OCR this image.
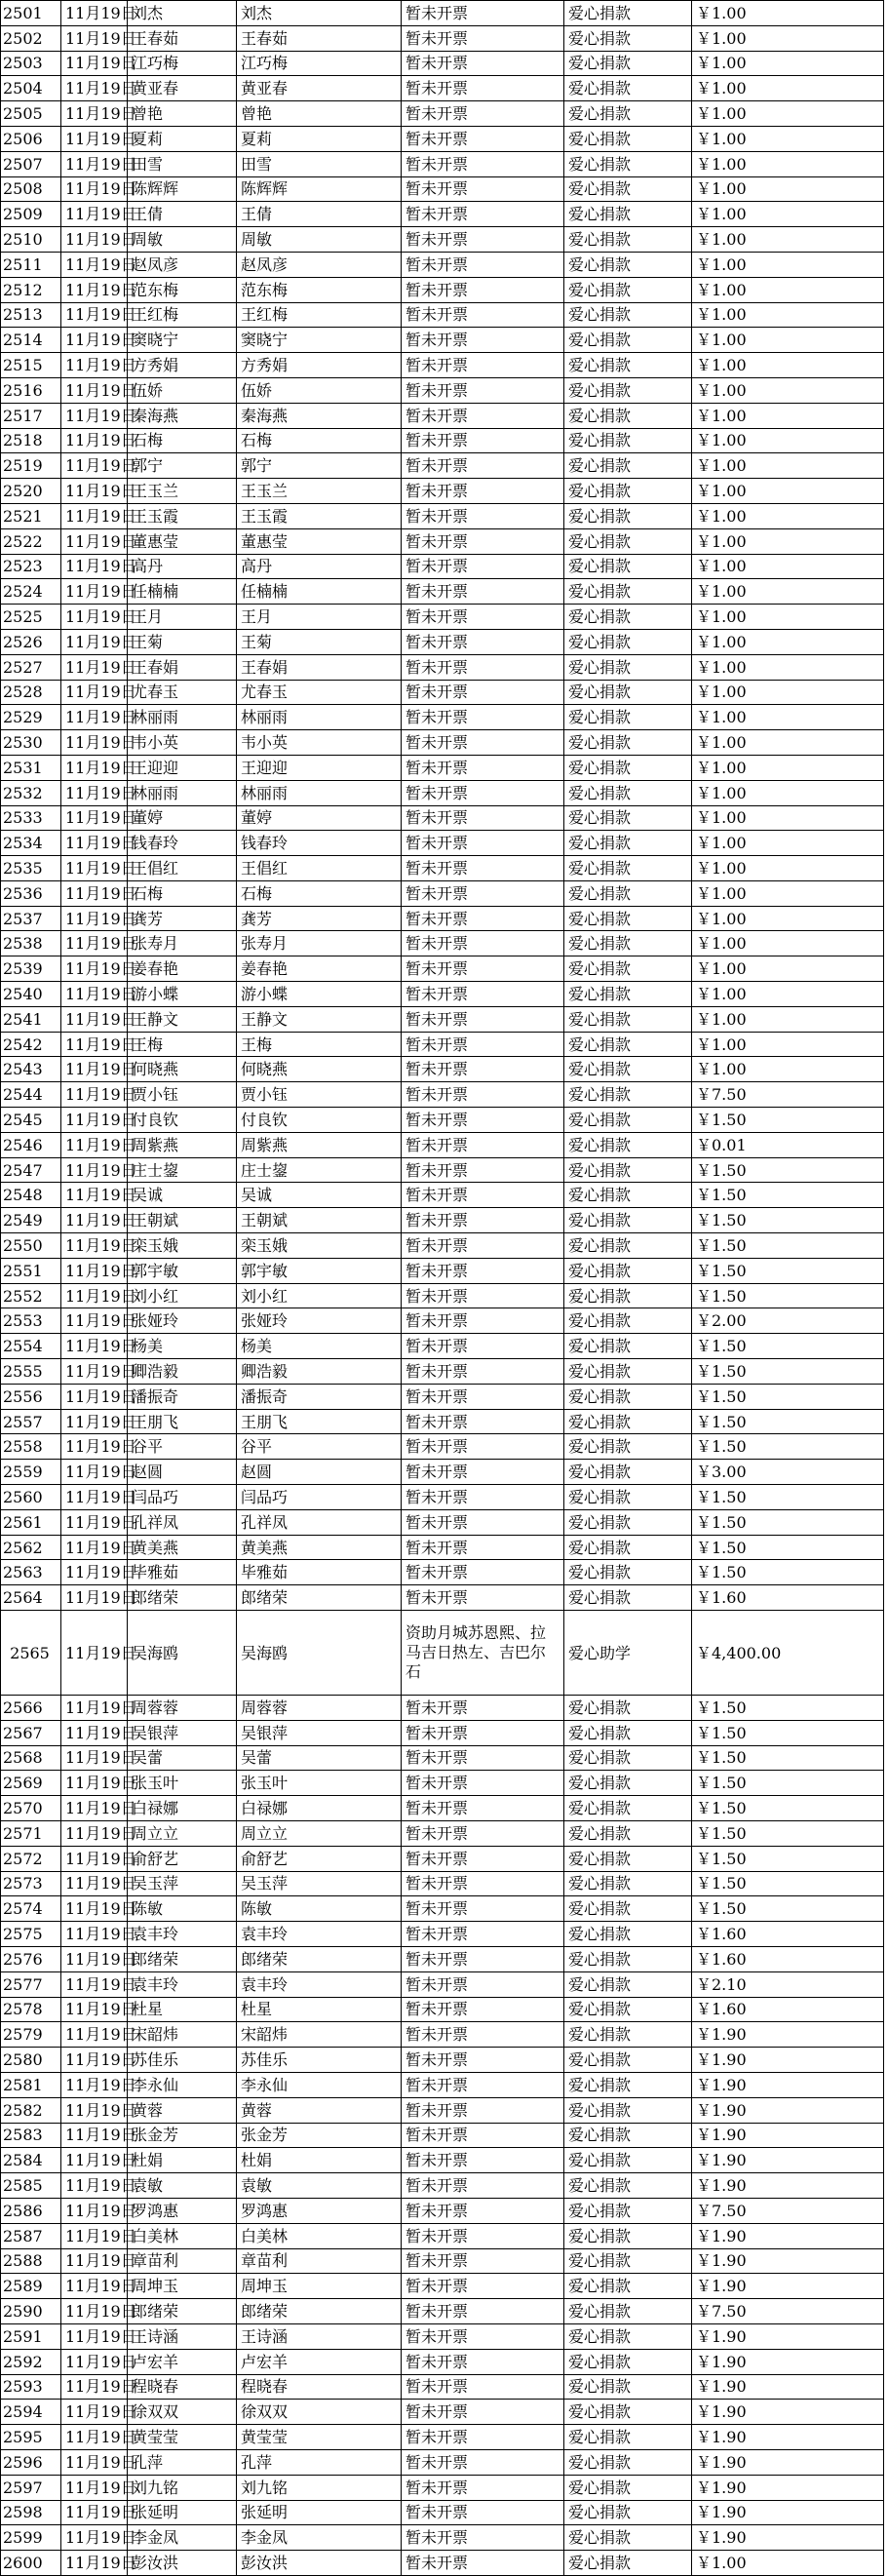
2501	11月19日	刘杰	刘杰	暂未开票	爱心捐款	￥1.00
2502	11月19日	王春茹	王春茹	暂未开票	爱心捐款	￥1.00
2503	11月19日	江巧梅	江巧梅	暂未开票	爱心捐款	￥1.00
2504	11月19日	黄亚春	黄亚春	暂未开票	爱心捐款	￥1.00
2505	11月19日	曾艳	曾艳	暂未开票	爱心捐款	￥1.00
2506	11月19日	夏莉	夏莉	暂未开票	爱心捐款	￥1.00
2507	11月19日	田雪	田雪	暂未开票	爱心捐款	￥1.00
2508	11月19日	陈辉辉	陈辉辉	暂未开票	爱心捐款	￥1.00
2509	11月19日	王倩	王倩	暂未开票	爱心捐款	￥1.00
2510	11月19日	周敏	周敏	暂未开票	爱心捐款	￥1.00
2511	11月19日	赵凤彦	赵凤彦	暂未开票	爱心捐款	￥1.00
2512	11月19日	范东梅	范东梅	暂未开票	爱心捐款	￥1.00
2513	11月19日	王红梅	王红梅	暂未开票	爱心捐款	￥1.00
2514	11月19日	窦晓宁	窦晓宁	暂未开票	爱心捐款	￥1.00
2515	11月19日	方秀娟	方秀娟	暂未开票	爱心捐款	￥1.00
2516	11月19日	伍娇	伍娇	暂未开票	爱心捐款	￥1.00
2517	11月19日	秦海燕	秦海燕	暂未开票	爱心捐款	￥1.00
2518	11月19日	石梅	石梅	暂未开票	爱心捐款	￥1.00
2519	11月19日	郭宁	郭宁	暂未开票	爱心捐款	￥1.00
2520	11月19日	王玉兰	王玉兰	暂未开票	爱心捐款	￥1.00
2521	11月19日	王玉霞	王玉霞	暂未开票	爱心捐款	￥1.00
2522	11月19日	董惠莹	董惠莹	暂未开票	爱心捐款	￥1.00
2523	11月19日	高丹	高丹	暂未开票	爱心捐款	￥1.00
2524	11月19日	任楠楠	任楠楠	暂未开票	爱心捐款	￥1.00
2525	11月19日	王月	王月	暂未开票	爱心捐款	￥1.00
2526	11月19日	王菊	王菊	暂未开票	爱心捐款	￥1.00
2527	11月19日	王春娟	王春娟	暂未开票	爱心捐款	￥1.00
2528	11月19日	尤春玉	尤春玉	暂未开票	爱心捐款	￥1.00
2529	11月19日	林丽雨	林丽雨	暂未开票	爱心捐款	￥1.00
2530	11月19日	韦小英	韦小英	暂未开票	爱心捐款	￥1.00
2531	11月19日	王迎迎	王迎迎	暂未开票	爱心捐款	￥1.00
2532	11月19日	林丽雨	林丽雨	暂未开票	爱心捐款	￥1.00
2533	11月19日	董婷	董婷	暂未开票	爱心捐款	￥1.00
2534	11月19日	钱春玲	钱春玲	暂未开票	爱心捐款	￥1.00
2535	11月19日	王倡红	王倡红	暂未开票	爱心捐款	￥1.00
2536	11月19日	石梅	石梅	暂未开票	爱心捐款	￥1.00
2537	11月19日	龚芳	龚芳	暂未开票	爱心捐款	￥1.00
2538	11月19日	张寿月	张寿月	暂未开票	爱心捐款	￥1.00
2539	11月19日	姜春艳	姜春艳	暂未开票	爱心捐款	￥1.00
2540	11月19日	游小蝶	游小蝶	暂未开票	爱心捐款	￥1.00
2541	11月19日	王静文	王静文	暂未开票	爱心捐款	￥1.00
2542	11月19日	王梅	王梅	暂未开票	爱心捐款	￥1.00
2543	11月19日	何晓燕	何晓燕	暂未开票	爱心捐款	￥1.00
2544	11月19日	贾小钰	贾小钰	暂未开票	爱心捐款	￥7.50
2545	11月19日	付良钦	付良钦	暂未开票	爱心捐款	￥1.50
2546	11月19日	周紫燕	周紫燕	暂未开票	爱心捐款	￥0.01
2547	11月19日	庄士鋆	庄士鋆	暂未开票	爱心捐款	￥1.50
2548	11月19日	吴诚	吴诚	暂未开票	爱心捐款	￥1.50
2549	11月19日	王朝斌	王朝斌	暂未开票	爱心捐款	￥1.50
2550	11月19日	栾玉娥	栾玉娥	暂未开票	爱心捐款	￥1.50
2551	11月19日	郭宇敏	郭宇敏	暂未开票	爱心捐款	￥1.50
2552	11月19日	刘小红	刘小红	暂未开票	爱心捐款	￥1.50
2553	11月19日	张娅玲	张娅玲	暂未开票	爱心捐款	￥2.00
2554	11月19日	杨美	杨美	暂未开票	爱心捐款	￥1.50
2555	11月19日	卿浩毅	卿浩毅	暂未开票	爱心捐款	￥1.50
2556	11月19日	潘振奇	潘振奇	暂未开票	爱心捐款	￥1.50
2557	11月19日	王朋飞	王朋飞	暂未开票	爱心捐款	￥1.50
2558	11月19日	谷平	谷平	暂未开票	爱心捐款	￥1.50
2559	11月19日	赵圆	赵圆	暂未开票	爱心捐款	￥3.00
2560	11月19日	闫品巧	闫品巧	暂未开票	爱心捐款	￥1.50
2561	11月19日	孔祥凤	孔祥凤	暂未开票	爱心捐款	￥1.50
2562	11月19日	黄美燕	黄美燕	暂未开票	爱心捐款	￥1.50
2563	11月19日	毕雅茹	毕雅茹	暂未开票	爱心捐款	￥1.50
2564	11月19日	郎绪荣	郎绪荣	暂未开票	爱心捐款	￥1.60
2565	11月19日	吴海鸥	吴海鸥	资助月城苏恩熙、拉马吉日热左、吉巴尔石	爱心助学	￥4,400.00
2566	11月19日	周蓉蓉	周蓉蓉	暂未开票	爱心捐款	￥1.50
2567	11月19日	吴银萍	吴银萍	暂未开票	爱心捐款	￥1.50
2568	11月19日	吴蕾	吴蕾	暂未开票	爱心捐款	￥1.50
2569	11月19日	张玉叶	张玉叶	暂未开票	爱心捐款	￥1.50
2570	11月19日	白禄娜	白禄娜	暂未开票	爱心捐款	￥1.50
2571	11月19日	周立立	周立立	暂未开票	爱心捐款	￥1.50
2572	11月19日	俞舒艺	俞舒艺	暂未开票	爱心捐款	￥1.50
2573	11月19日	吴玉萍	吴玉萍	暂未开票	爱心捐款	￥1.50
2574	11月19日	陈敏	陈敏	暂未开票	爱心捐款	￥1.50
2575	11月19日	袁丰玲	袁丰玲	暂未开票	爱心捐款	￥1.60
2576	11月19日	郎绪荣	郎绪荣	暂未开票	爱心捐款	￥1.60
2577	11月19日	袁丰玲	袁丰玲	暂未开票	爱心捐款	￥2.10
2578	11月19日	杜星	杜星	暂未开票	爱心捐款	￥1.60
2579	11月19日	宋韶炜	宋韶炜	暂未开票	爱心捐款	￥1.90
2580	11月19日	苏佳乐	苏佳乐	暂未开票	爱心捐款	￥1.90
2581	11月19日	李永仙	李永仙	暂未开票	爱心捐款	￥1.90
2582	11月19日	黄蓉	黄蓉	暂未开票	爱心捐款	￥1.90
2583	11月19日	张金芳	张金芳	暂未开票	爱心捐款	￥1.90
2584	11月19日	杜娟	杜娟	暂未开票	爱心捐款	￥1.90
2585	11月19日	袁敏	袁敏	暂未开票	爱心捐款	￥1.90
2586	11月19日	罗鸿惠	罗鸿惠	暂未开票	爱心捐款	￥7.50
2587	11月19日	白美林	白美林	暂未开票	爱心捐款	￥1.90
2588	11月19日	章苗利	章苗利	暂未开票	爱心捐款	￥1.90
2589	11月19日	周坤玉	周坤玉	暂未开票	爱心捐款	￥1.90
2590	11月19日	郎绪荣	郎绪荣	暂未开票	爱心捐款	￥7.50
2591	11月19日	王诗涵	王诗涵	暂未开票	爱心捐款	￥1.90
2592	11月19日	卢宏羊	卢宏羊	暂未开票	爱心捐款	￥1.90
2593	11月19日	程晓春	程晓春	暂未开票	爱心捐款	￥1.90
2594	11月19日	徐双双	徐双双	暂未开票	爱心捐款	￥1.90
2595	11月19日	黄莹莹	黄莹莹	暂未开票	爱心捐款	￥1.90
2596	11月19日	孔萍	孔萍	暂未开票	爱心捐款	￥1.90
2597	11月19日	刘九铭	刘九铭	暂未开票	爱心捐款	￥1.90
2598	11月19日	张延明	张延明	暂未开票	爱心捐款	￥1.90
2599	11月19日	李金凤	李金凤	暂未开票	爱心捐款	￥1.90
2600	11月19日	彭汝洪	彭汝洪	暂未开票	爱心捐款	￥1.00
